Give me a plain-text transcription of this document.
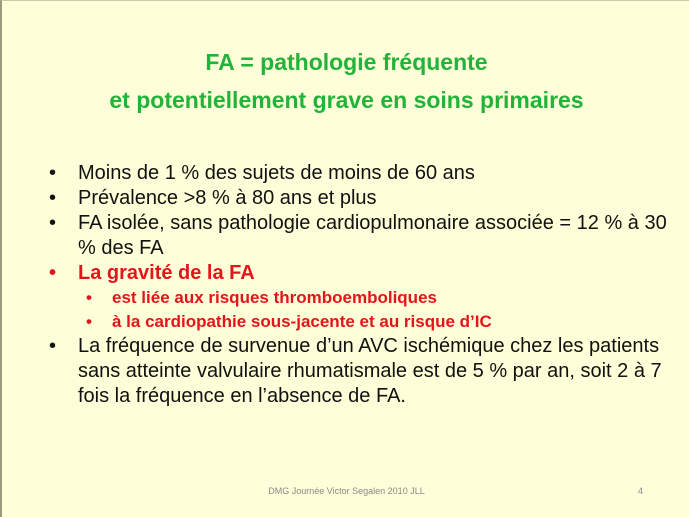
FA = pathologie fréquente
et potentiellement grave en soins primaires
• Moins de 1 % des sujets de moins de 60 ans
• Prévalence >8 % à 80 ans et plus
• FA isolée, sans pathologie cardiopulmonaire associée = 12 % à 30 % des FA
• La gravité de la FA
• est liée aux risques thromboemboliques
• à la cardiopathie sous-jacente et au risque d’IC
• La fréquence de survenue d’un AVC ischémique chez les patients sans atteinte valvulaire rhumatismale est de 5 % par an, soit 2 à 7 fois la fréquence en l’absence de FA.
DMG Journée Victor Segalen 2010 JLL	4
